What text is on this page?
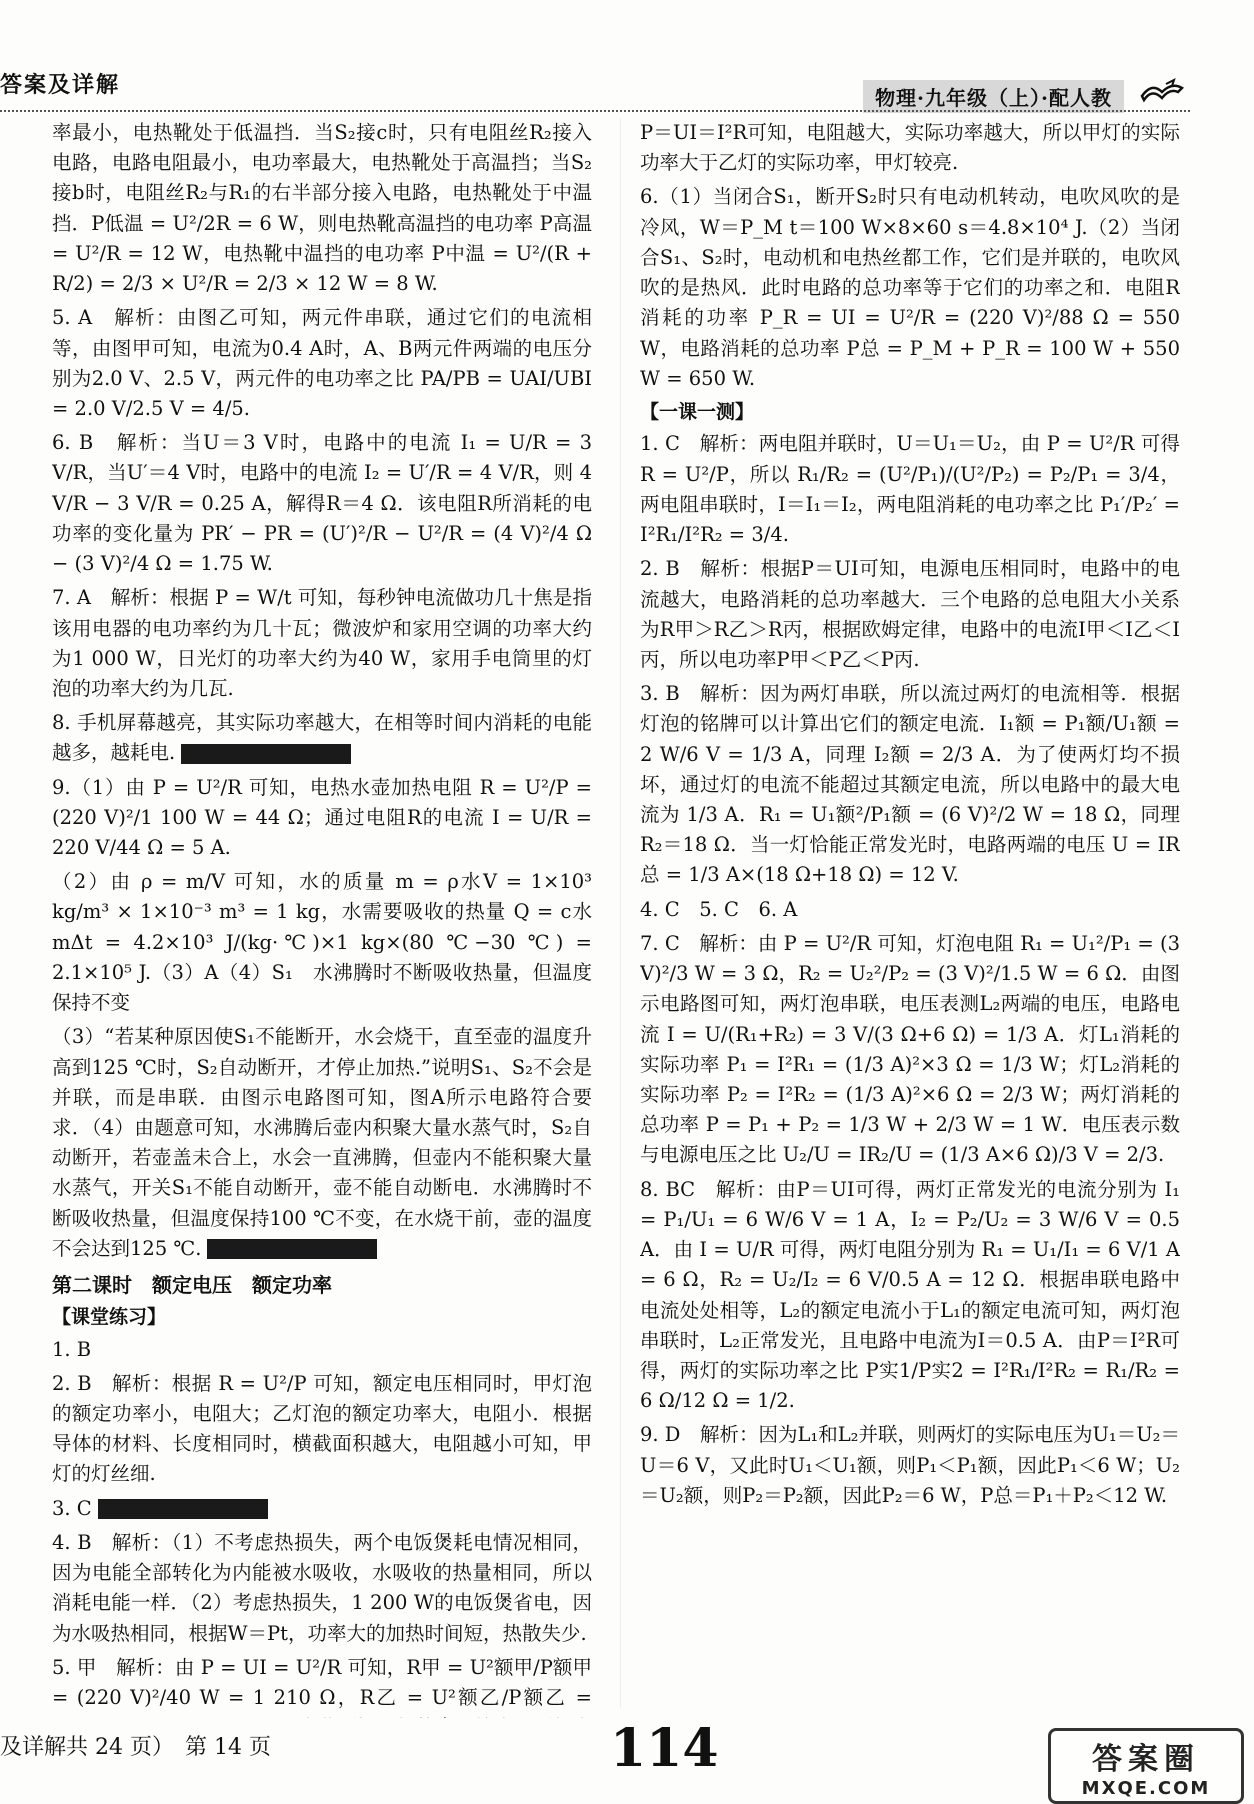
答案及详解	物理·九年级（上）·配人教

率最小，电热靴处于低温挡．当S₂接c时，只有电阻丝R₂接入电路，电路电阻最小，电功率最大，电热靴处于高温挡；当S₂接b时，电阻丝R₂与R₁的右半部分接入电路，电热靴处于中温挡．P低温 = U²/2R = 6 W，则电热靴高温挡的电功率 P高温 = U²/R = 12 W，电热靴中温挡的电功率 P中温 = U²/(R + R/2) = 2/3 × U²/R = 2/3 × 12 W = 8 W.

5. A　解析：由图乙可知，两元件串联，通过它们的电流相等，由图甲可知，电流为0.4 A时，A、B两元件两端的电压分别为2.0 V、2.5 V，两元件的电功率之比 PA/PB = UAI/UBI = 2.0 V/2.5 V = 4/5.

6. B　解析：当U＝3 V时，电路中的电流 I₁ = U/R = 3 V/R，当U′＝4 V时，电路中的电流 I₂ = U′/R = 4 V/R，则 4 V/R − 3 V/R = 0.25 A，解得R＝4 Ω．该电阻R所消耗的电功率的变化量为 PR′ − PR = (U′)²/R − U²/R = (4 V)²/4 Ω − (3 V)²/4 Ω = 1.75 W.

7. A　解析：根据 P = W/t 可知，每秒钟电流做功几十焦是指该用电器的电功率约为几十瓦；微波炉和家用空调的功率大约为1 000 W，日光灯的功率大约为40 W，家用手电筒里的灯泡的功率大约为几瓦.

8. 手机屏幕越亮，其实际功率越大，在相等时间内消耗的电能越多，越耗电.

9.（1）由 P = U²/R 可知，电热水壶加热电阻 R = U²/P = (220 V)²/1 100 W = 44 Ω；通过电阻R的电流 I = U/R = 220 V/44 Ω = 5 A.

（2）由 ρ = m/V 可知，水的质量 m = ρ水V = 1×10³ kg/m³ × 1×10⁻³ m³ = 1 kg，水需要吸收的热量 Q = c水mΔt = 4.2×10³ J/(kg·℃)×1 kg×(80 ℃−30 ℃) = 2.1×10⁵ J.（3）A（4）S₁　水沸腾时不断吸收热量，但温度保持不变

（3）“若某种原因使S₁不能断开，水会烧干，直至壶的温度升高到125 ℃时，S₂自动断开，才停止加热.”说明S₁、S₂不会是并联，而是串联．由图示电路图可知，图A所示电路符合要求．（4）由题意可知，水沸腾后壶内积聚大量水蒸气时，S₂自动断开，若壶盖未合上，水会一直沸腾，但壶内不能积聚大量水蒸气，开关S₁不能自动断开，壶不能自动断电．水沸腾时不断吸收热量，但温度保持100 ℃不变，在水烧干前，壶的温度不会达到125 ℃.

第二课时　额定电压　额定功率
【课堂练习】

1. B

2. B　解析：根据 R = U²/P 可知，额定电压相同时，甲灯泡的额定功率小，电阻大；乙灯泡的额定功率大，电阻小．根据导体的材料、长度相同时，横截面积越大，电阻越小可知，甲灯的灯丝细.

3. C

4. B　解析：（1）不考虑热损失，两个电饭煲耗电情况相同，因为电能全部转化为内能被水吸收，水吸收的热量相同，所以消耗电能一样．（2）考虑热损失，1 200 W的电饭煲省电，因为水吸热相同，根据W＝Pt，功率大的加热时间短，热散失少.

5. 甲　解析：由 P = UI = U²/R 可知，R甲 = U²额甲/P额甲 = (220 V)²/40 W = 1 210 Ω，R乙 = U²额乙/P额乙 =

P＝UI＝I²R可知，电阻越大，实际功率越大，所以甲灯的实际功率大于乙灯的实际功率，甲灯较亮.

6.（1）当闭合S₁，断开S₂时只有电动机转动，电吹风吹的是冷风，W＝P_M t＝100 W×8×60 s＝4.8×10⁴ J.（2）当闭合S₁、S₂时，电动机和电热丝都工作，它们是并联的，电吹风吹的是热风．此时电路的总功率等于它们的功率之和．电阻R消耗的功率 P_R = UI = U²/R = (220 V)²/88 Ω = 550 W，电路消耗的总功率 P总 = P_M + P_R = 100 W + 550 W = 650 W.

【一课一测】

1. C　解析：两电阻并联时，U＝U₁＝U₂，由 P = U²/R 可得 R = U²/P，所以 R₁/R₂ = (U²/P₁)/(U²/P₂) = P₂/P₁ = 3/4，两电阻串联时，I＝I₁＝I₂，两电阻消耗的电功率之比 P₁′/P₂′ = I²R₁/I²R₂ = 3/4.

2. B　解析：根据P＝UI可知，电源电压相同时，电路中的电流越大，电路消耗的总功率越大．三个电路的总电阻大小关系为R甲＞R乙＞R丙，根据欧姆定律，电路中的电流I甲＜I乙＜I丙，所以电功率P甲＜P乙＜P丙.

3. B　解析：因为两灯串联，所以流过两灯的电流相等．根据灯泡的铭牌可以计算出它们的额定电流．I₁额 = P₁额/U₁额 = 2 W/6 V = 1/3 A，同理 I₂额 = 2/3 A．为了使两灯均不损坏，通过灯的电流不能超过其额定电流，所以电路中的最大电流为 1/3 A．R₁ = U₁额²/P₁额 = (6 V)²/2 W = 18 Ω，同理R₂＝18 Ω．当一灯恰能正常发光时，电路两端的电压 U = IR总 = 1/3 A×(18 Ω+18 Ω) = 12 V.

4. C　5. C　6. A

7. C　解析：由 P = U²/R 可知，灯泡电阻 R₁ = U₁²/P₁ = (3 V)²/3 W = 3 Ω，R₂ = U₂²/P₂ = (3 V)²/1.5 W = 6 Ω．由图示电路图可知，两灯泡串联，电压表测L₂两端的电压，电路电流 I = U/(R₁+R₂) = 3 V/(3 Ω+6 Ω) = 1/3 A．灯L₁消耗的实际功率 P₁ = I²R₁ = (1/3 A)²×3 Ω = 1/3 W；灯L₂消耗的实际功率 P₂ = I²R₂ = (1/3 A)²×6 Ω = 2/3 W；两灯消耗的总功率 P = P₁ + P₂ = 1/3 W + 2/3 W = 1 W．电压表示数与电源电压之比 U₂/U = IR₂/U = (1/3 A×6 Ω)/3 V = 2/3.

8. BC　解析：由P＝UI可得，两灯正常发光的电流分别为 I₁ = P₁/U₁ = 6 W/6 V = 1 A，I₂ = P₂/U₂ = 3 W/6 V = 0.5 A．由 I = U/R 可得，两灯电阻分别为 R₁ = U₁/I₁ = 6 V/1 A = 6 Ω，R₂ = U₂/I₂ = 6 V/0.5 A = 12 Ω．根据串联电路中电流处处相等，L₂的额定电流小于L₁的额定电流可知，两灯泡串联时，L₂正常发光，且电路中电流为I＝0.5 A．由P＝I²R可得，两灯的实际功率之比 P实1/P实2 = I²R₁/I²R₂ = R₁/R₂ = 6 Ω/12 Ω = 1/2.

9. D　解析：因为L₁和L₂并联，则两灯的实际电压为U₁＝U₂＝U＝6 V，又此时U₁＜U₁额，则P₁＜P₁额，因此P₁＜6 W；U₂＝U₂额，则P₂＝P₂额，因此P₂＝6 W，P总＝P₁＋P₂＜12 W.

及详解共 24 页）　第 14 页	114	答案圈
MXQE.COM
